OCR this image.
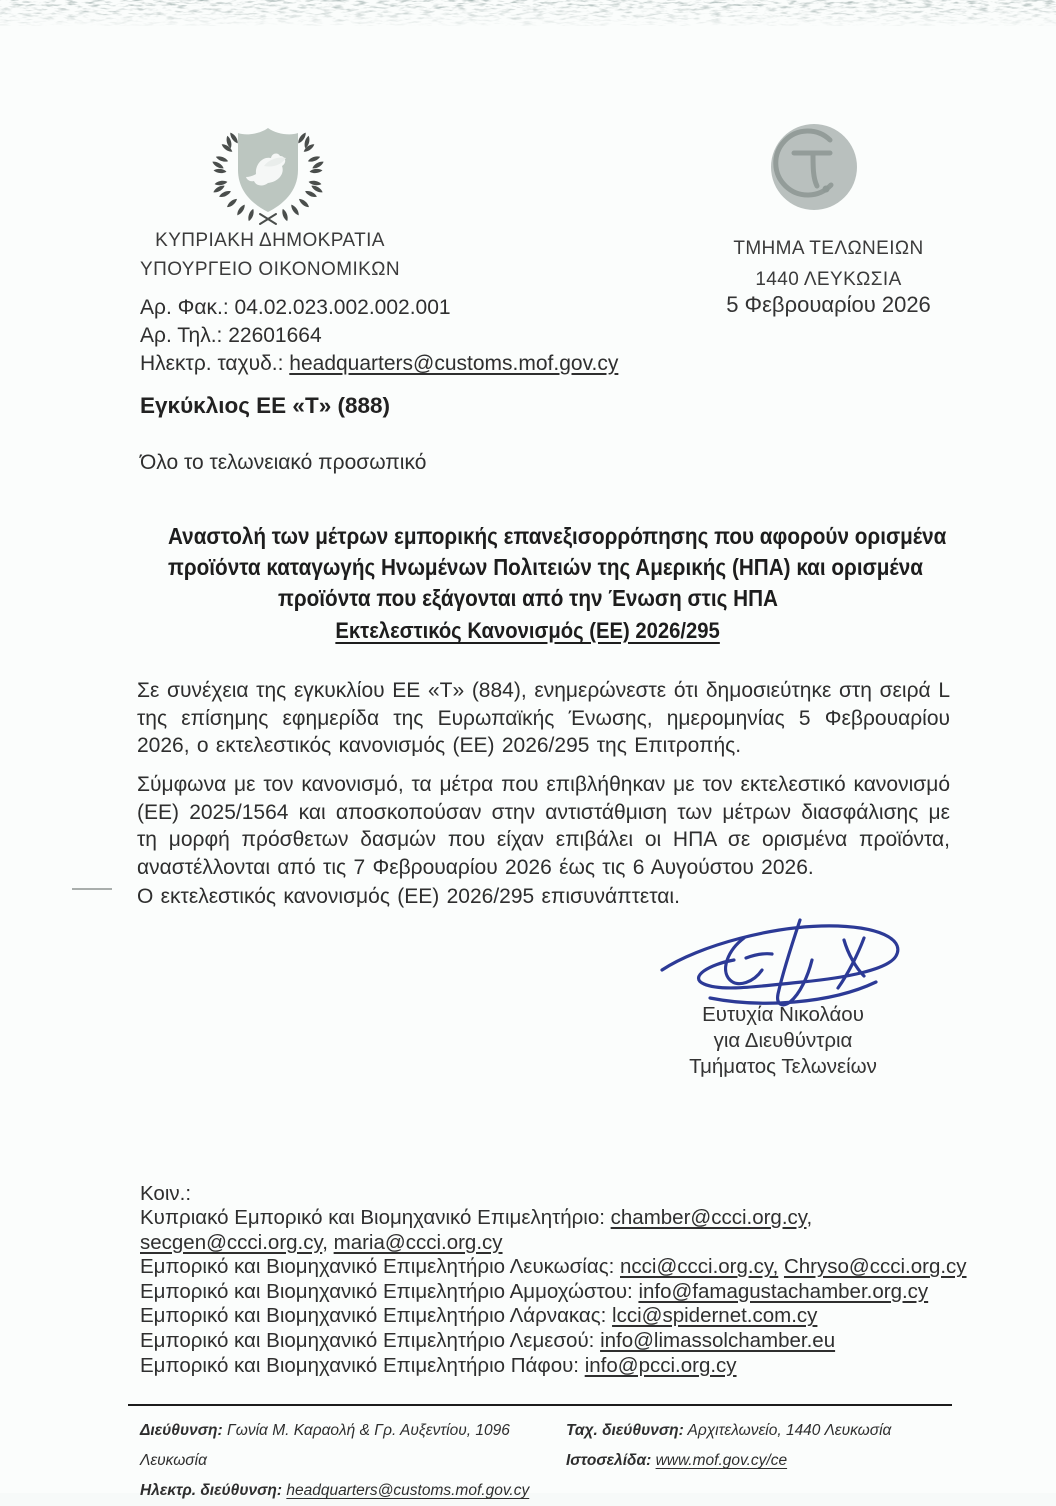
ΚΥΠΡΙΑΚΗ ΔΗΜΟΚΡΑΤΙΑ
ΥΠΟΥΡΓΕΙΟ ΟΙΚΟΝΟΜΙΚΩΝ
ΤΜΗΜΑ ΤΕΛΩΝΕΙΩΝ
1440 ΛΕΥΚΩΣΙΑ
5 Φεβρουαρίου 2026
Αρ. Φακ.: 04.02.023.002.002.001
Αρ. Τηλ.: 22601664
Ηλεκτρ. ταχυδ.: headquarters@customs.mof.gov.cy
Εγκύκλιος ΕΕ «Τ» (888)
Όλο το τελωνειακό προσωπικό
Αναστολή των μέτρων εμπορικής επανεξισορρόπησης που αφορούν ορισμένα
προϊόντα καταγωγής Ηνωμένων Πολιτειών της Αμερικής (ΗΠΑ) και ορισμένα
προϊόντα που εξάγονται από την Ένωση στις ΗΠΑ
Εκτελεστικός Κανονισμός (ΕΕ) 2026/295
Σε συνέχεια της εγκυκλίου ΕΕ «Τ» (884), ενημερώνεστε ότι δημοσιεύτηκε στη σειρά L της επίσημης εφημερίδα της Ευρωπαϊκής Ένωσης, ημερομηνίας 5 Φεβρουαρίου 2026, ο εκτελεστικός κανονισμός (ΕΕ) 2026/295 της Επιτροπής.
Σύμφωνα με τον κανονισμό, τα μέτρα που επιβλήθηκαν με τον εκτελεστικό κανονισμό (ΕΕ) 2025/1564 και αποσκοπούσαν στην αντιστάθμιση των μέτρων διασφάλισης με τη μορφή πρόσθετων δασμών που είχαν επιβάλει οι ΗΠΑ σε ορισμένα προϊόντα, αναστέλλονται από τις 7 Φεβρουαρίου 2026 έως τις 6 Αυγούστου 2026.
Ο εκτελεστικός κανονισμός (ΕΕ) 2026/295 επισυνάπτεται.
Ευτυχία Νικολάου
για Διευθύντρια
Τμήματος Τελωνείων
Κοιν.:
Κυπριακό Εμπορικό και Βιομηχανικό Επιμελητήριο: chamber@ccci.org.cy,
secgen@ccci.org.cy, maria@ccci.org.cy
Εμπορικό και Βιομηχανικό Επιμελητήριο Λευκωσίας: ncci@ccci.org.cy, Chryso@ccci.org.cy
Εμπορικό και Βιομηχανικό Επιμελητήριο Αμμοχώστου: info@famagustachamber.org.cy
Εμπορικό και Βιομηχανικό Επιμελητήριο Λάρνακας: lcci@spidernet.com.cy
Εμπορικό και Βιομηχανικό Επιμελητήριο Λεμεσού: info@limassolchamber.eu
Εμπορικό και Βιομηχανικό Επιμελητήριο Πάφου: info@pcci.org.cy
Διεύθυνση: Γωνία Μ. Καραολή & Γρ. Αυξεντίου, 1096 Λευκωσία
Ηλεκτρ. διεύθυνση: headquarters@customs.mof.gov.cy
Ταχ. διεύθυνση: Αρχιτελωνείο, 1440 Λευκωσία
Ιστοσελίδα: www.mof.gov.cy/ce
